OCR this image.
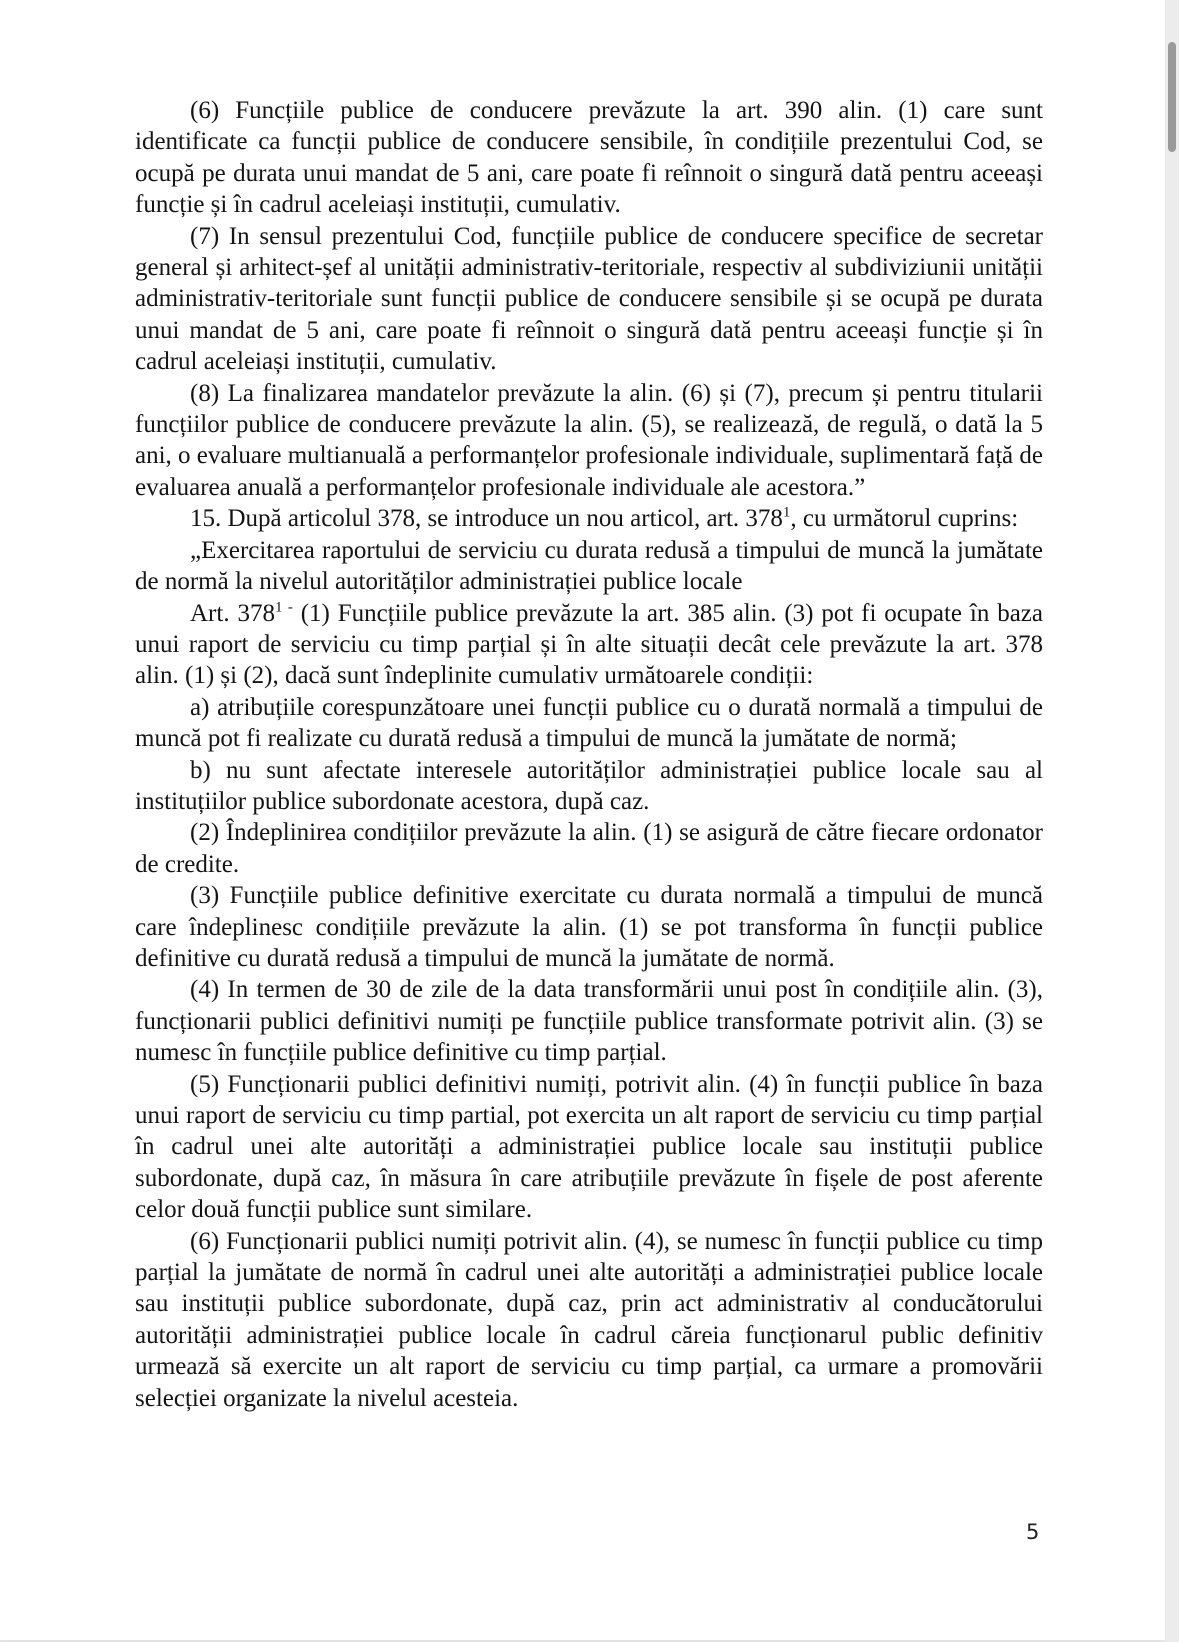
(6) Funcțiile publice de conducere prevăzute la art. 390 alin. (1) care sunt identificate ca funcții publice de conducere sensibile, în condițiile prezentului Cod, se ocupă pe durata unui mandat de 5 ani, care poate fi reînnoit o singură dată pentru aceeași funcție și în cadrul aceleiași instituții, cumulativ.

(7) In sensul prezentului Cod, funcțiile publice de conducere specifice de secretar general și arhitect-șef al unității administrativ-teritoriale, respectiv al subdiviziunii unității administrativ-teritoriale sunt funcții publice de conducere sensibile și se ocupă pe durata unui mandat de 5 ani, care poate fi reînnoit o singură dată pentru aceeași funcție și în cadrul aceleiași instituții, cumulativ.

(8) La finalizarea mandatelor prevăzute la alin. (6) și (7), precum și pentru titularii funcțiilor publice de conducere prevăzute la alin. (5), se realizează, de regulă, o dată la 5 ani, o evaluare multianuală a performanțelor profesionale individuale, suplimentară față de evaluarea anuală a performanțelor profesionale individuale ale acestora.”

15. După articolul 378, se introduce un nou articol, art. $378^1$, cu următorul cuprins:

„Exercitarea raportului de serviciu cu durata redusă a timpului de muncă la jumătate de normă la nivelul autorităților administrației publice locale

Art. $378^{1 -}$ (1) Funcțiile publice prevăzute la art. 385 alin. (3) pot fi ocupate în baza unui raport de serviciu cu timp parțial și în alte situații decât cele prevăzute la art. 378 alin. (1) și (2), dacă sunt îndeplinite cumulativ următoarele condiții:

a) atribuțiile corespunzătoare unei funcții publice cu o durată normală a timpului de muncă pot fi realizate cu durată redusă a timpului de muncă la jumătate de normă;

b) nu sunt afectate interesele autorităților administrației publice locale sau al instituțiilor publice subordonate acestora, după caz.

(2) Îndeplinirea condițiilor prevăzute la alin. (1) se asigură de către fiecare ordonator de credite.

(3) Funcțiile publice definitive exercitate cu durata normală a timpului de muncă care îndeplinesc condițiile prevăzute la alin. (1) se pot transforma în funcții publice definitive cu durată redusă a timpului de muncă la jumătate de normă.

(4) In termen de 30 de zile de la data transformării unui post în condițiile alin. (3), funcționarii publici definitivi numiți pe funcțiile publice transformate potrivit alin. (3) se numesc în funcțiile publice definitive cu timp parțial.

(5) Funcționarii publici definitivi numiți, potrivit alin. (4) în funcții publice în baza unui raport de serviciu cu timp partial, pot exercita un alt raport de serviciu cu timp parțial în cadrul unei alte autorități a administrației publice locale sau instituții publice subordonate, după caz, în măsura în care atribuțiile prevăzute în fișele de post aferente celor două funcții publice sunt similare.

(6) Funcționarii publici numiți potrivit alin. (4), se numesc în funcții publice cu timp parțial la jumătate de normă în cadrul unei alte autorități a administrației publice locale sau instituții publice subordonate, după caz, prin act administrativ al conducătorului autorității administrației publice locale în cadrul căreia funcționarul public definitiv urmează să exercite un alt raport de serviciu cu timp parțial, ca urmare a promovării selecției organizate la nivelul acesteia.

5
